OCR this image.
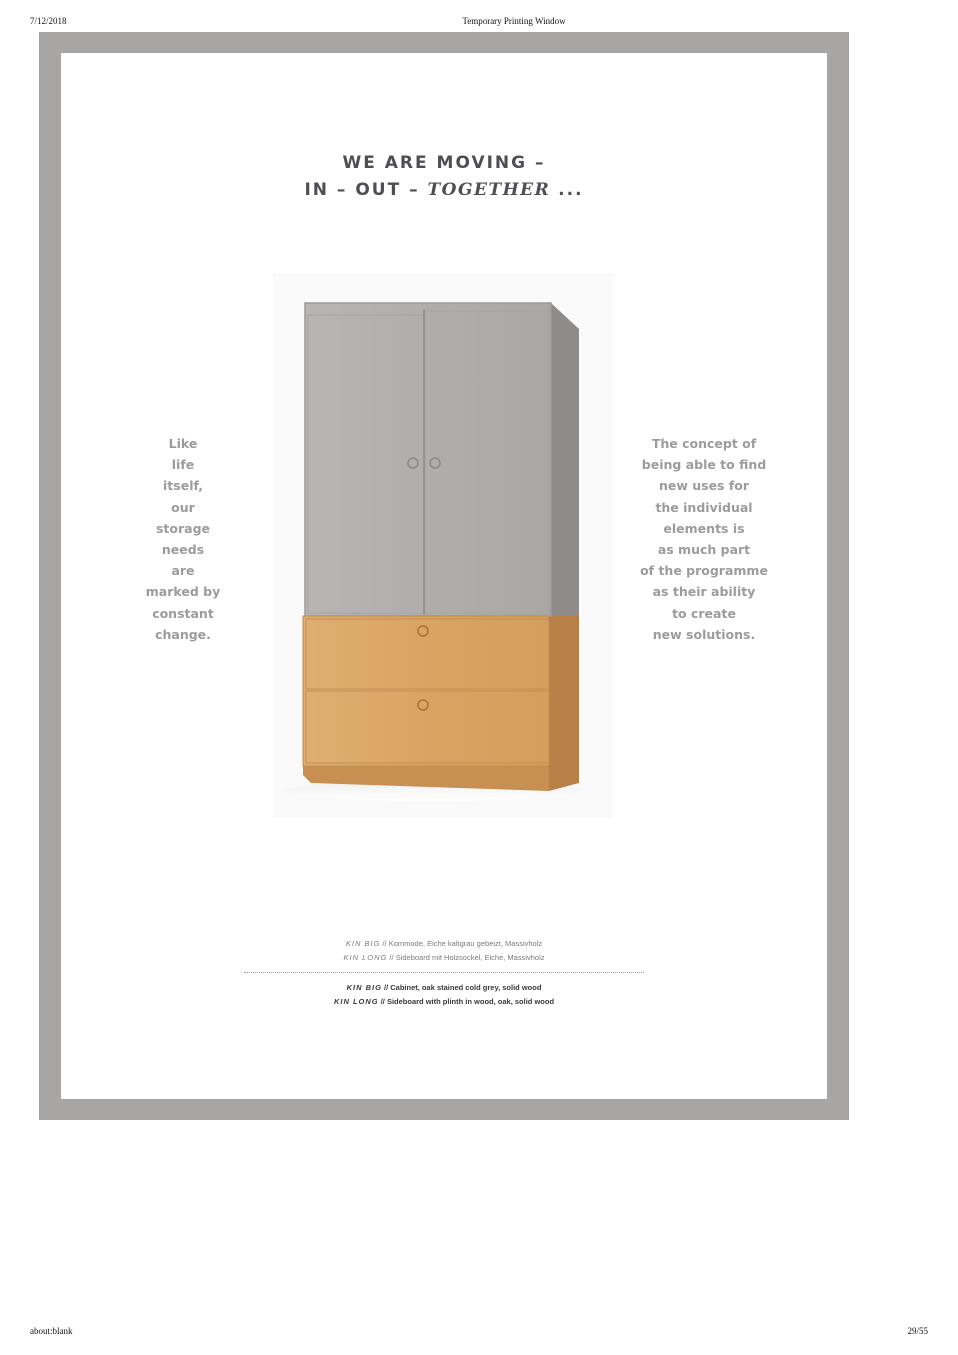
7/12/2018	Temporary Printing Window
WE ARE MOVING –
IN – OUT – TOGETHER ...
Like
life
itself,
our
storage
needs
are
marked by
constant
change.
The concept of
being able to find
new uses for
the individual
elements is
as much part
of the programme
as their ability
to create
new solutions.
KIN BIG // Kommode, Eiche kaltgrau gebeizt, Massivholz
KIN LONG // Sideboard mit Holzsockel, Eiche, Massivholz
KIN BIG // Cabinet, oak stained cold grey, solid wood
KIN LONG // Sideboard with plinth in wood, oak, solid wood
about:blank	29/55
